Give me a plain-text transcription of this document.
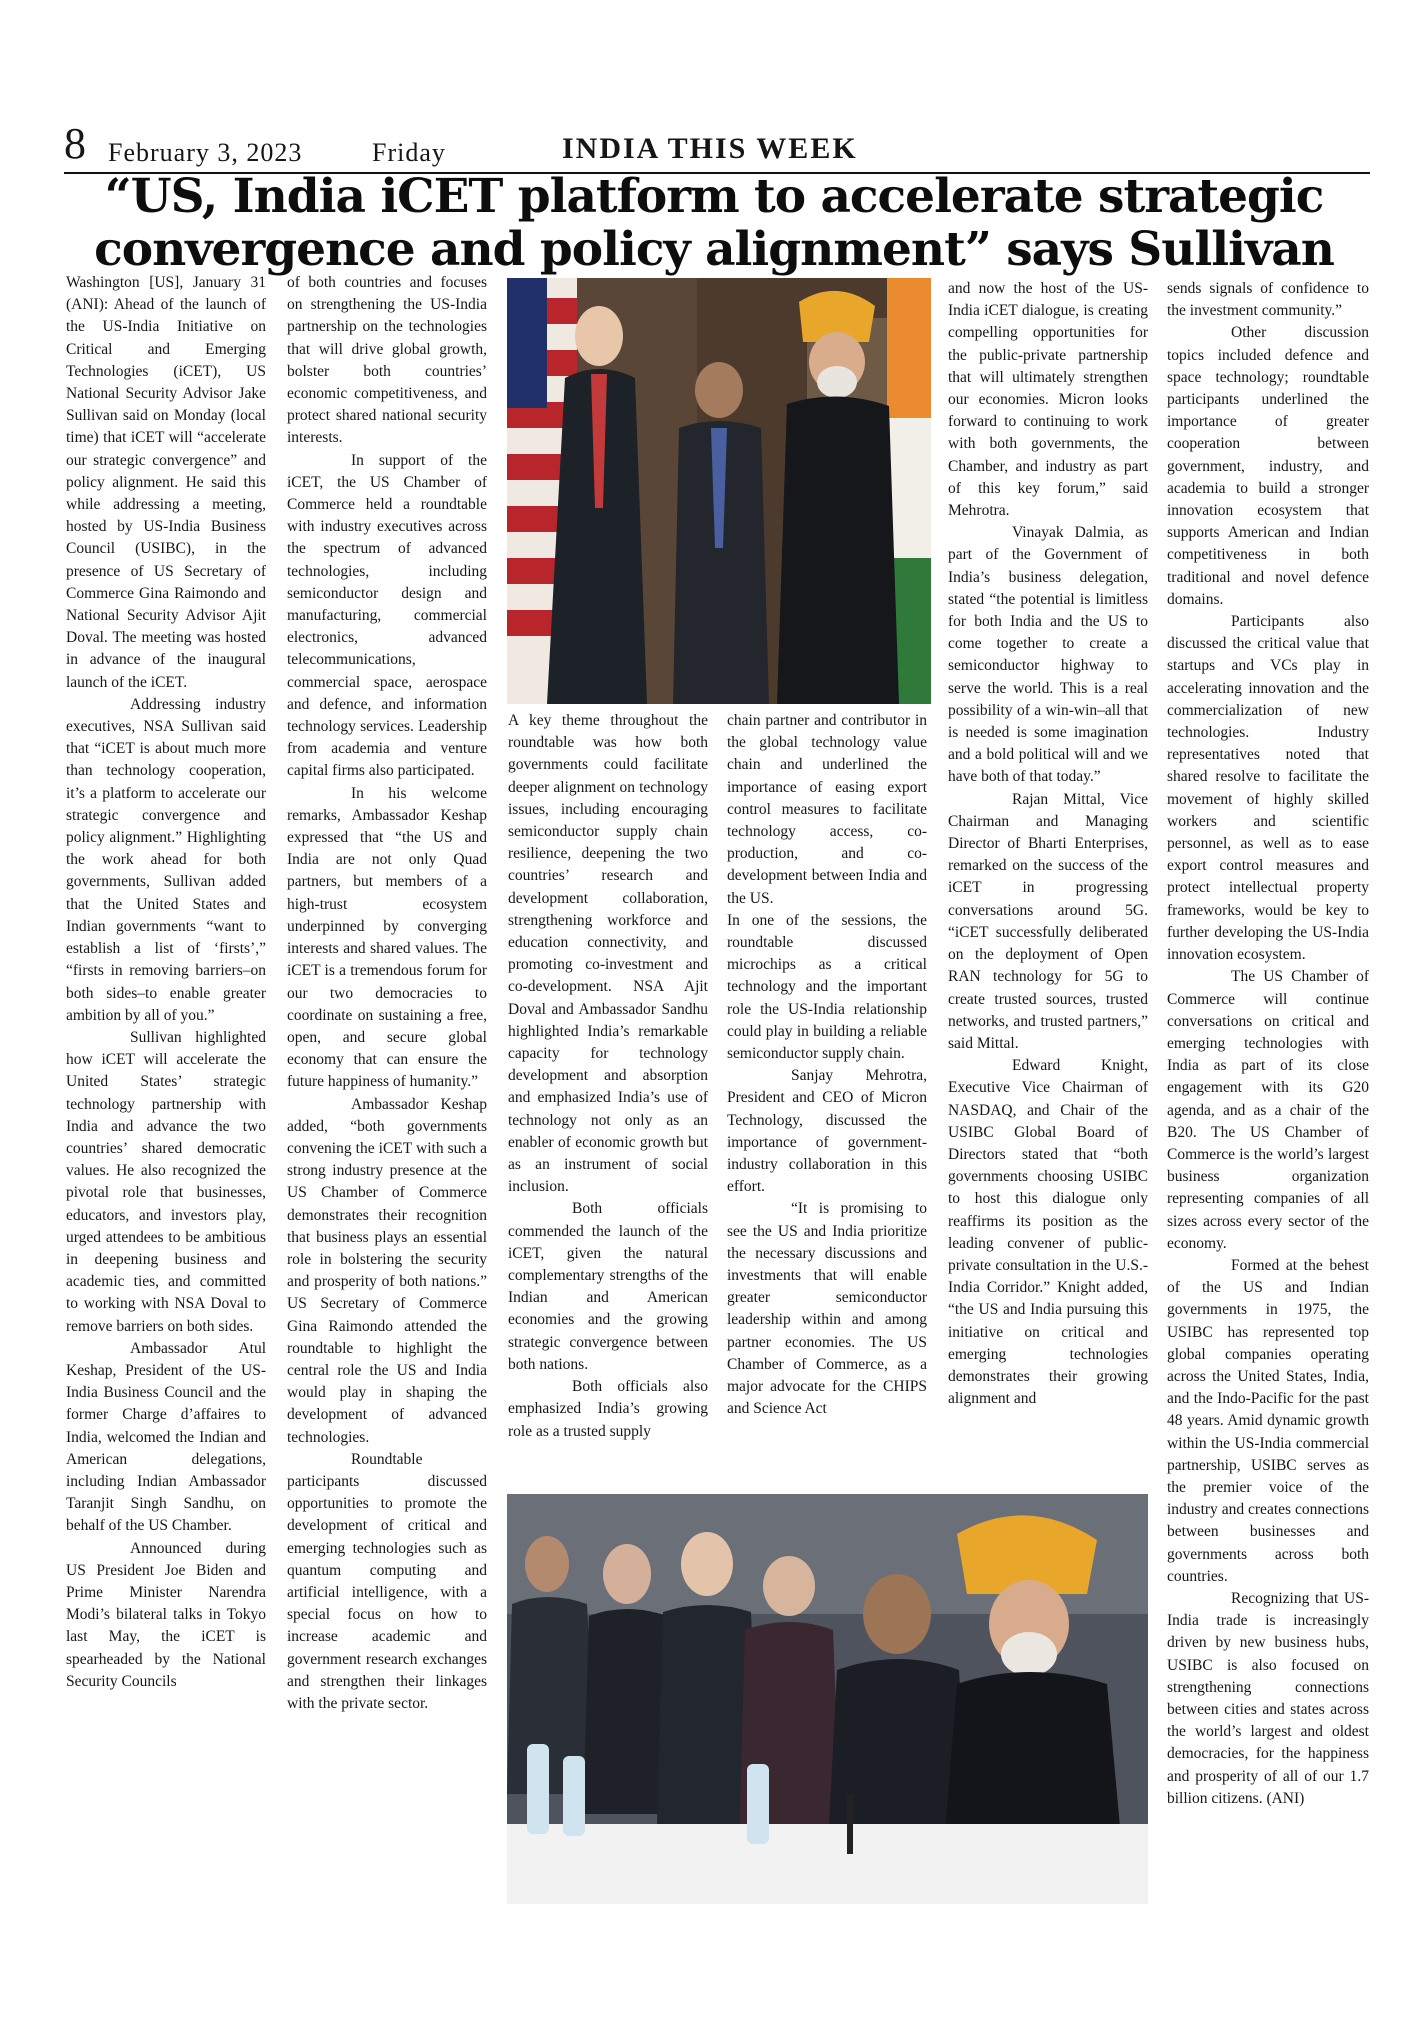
8 February 3, 2023	Friday	INDIA THIS WEEK
“US, India iCET platform to accelerate strategic
convergence and policy alignment” says Sullivan

Washington [US], January 31 (ANI): Ahead of the launch of the US-India Initiative on Critical and Emerging Technologies (iCET), US National Security Advisor Jake Sullivan said on Monday (local time) that iCET will “accelerate our strategic convergence” and policy alignment. He said this while addressing a meeting, hosted by US-India Business Council (USIBC), in the presence of US Secretary of Commerce Gina Raimondo and National Security Advisor Ajit Doval. The meeting was hosted in advance of the inaugural launch of the iCET.

Addressing industry executives, NSA Sullivan said that “iCET is about much more than technology cooperation, it’s a platform to accelerate our strategic convergence and policy alignment.” Highlighting the work ahead for both governments, Sullivan added that the United States and Indian governments “want to establish a list of ‘firsts’,” “firsts in removing barriers–on both sides–to enable greater ambition by all of you.”

Sullivan highlighted how iCET will accelerate the United States’ strategic technology partnership with India and advance the two countries’ shared democratic values. He also recognized the pivotal role that businesses, educators, and investors play, urged attendees to be ambitious in deepening business and academic ties, and committed to working with NSA Doval to remove barriers on both sides.

Ambassador Atul Keshap, President of the US-India Business Council and the former Charge d’affaires to India, welcomed the Indian and American delegations, including Indian Ambassador Taranjit Singh Sandhu, on behalf of the US Chamber.

Announced during US President Joe Biden and Prime Minister Narendra Modi’s bilateral talks in Tokyo last May, the iCET is spearheaded by the National Security Councils

of both countries and focuses on strengthening the US-India partnership on the technologies that will drive global growth, bolster both countries’ economic competitiveness, and protect shared national security interests.

In support of the iCET, the US Chamber of Commerce held a roundtable with industry executives across the spectrum of advanced technologies, including semiconductor design and manufacturing, commercial electronics, advanced telecommunications, commercial space, aerospace and defence, and information technology services. Leadership from academia and venture capital firms also participated.

In his welcome remarks, Ambassador Keshap expressed that “the US and India are not only Quad partners, but members of a high-trust ecosystem underpinned by converging interests and shared values. The iCET is a tremendous forum for our two democracies to coordinate on sustaining a free, open, and secure global economy that can ensure the future happiness of humanity.”

Ambassador Keshap added, “both governments convening the iCET with such a strong industry presence at the US Chamber of Commerce demonstrates their recognition that business plays an essential role in bolstering the security and prosperity of both nations.” US Secretary of Commerce Gina Raimondo attended the roundtable to highlight the central role the US and India would play in shaping the development of advanced technologies.

Roundtable participants discussed opportunities to promote the development of critical and emerging technologies such as quantum computing and artificial intelligence, with a special focus on how to increase academic and government research exchanges and strengthen their linkages with the private sector.

A key theme throughout the roundtable was how both governments could facilitate deeper alignment on technology issues, including encouraging semiconductor supply chain resilience, deepening the two countries’ research and development collaboration, strengthening workforce and education connectivity, and promoting co-investment and co-development. NSA Ajit Doval and Ambassador Sandhu highlighted India’s remarkable capacity for technology development and absorption and emphasized India’s use of technology not only as an enabler of economic growth but as an instrument of social inclusion.

Both officials commended the launch of the iCET, given the natural complementary strengths of the Indian and American economies and the growing strategic convergence between both nations.

Both officials also emphasized India’s growing role as a trusted supply

chain partner and contributor in the global technology value chain and underlined the importance of easing export control measures to facilitate technology access, co-production, and co-development between India and the US.

In one of the sessions, the roundtable discussed microchips as a critical technology and the important role the US-India relationship could play in building a reliable semiconductor supply chain.

Sanjay Mehrotra, President and CEO of Micron Technology, discussed the importance of government-industry collaboration in this effort.

“It is promising to see the US and India prioritize the necessary discussions and investments that will enable greater semiconductor leadership within and among partner economies. The US Chamber of Commerce, as a major advocate for the CHIPS and Science Act

and now the host of the US-India iCET dialogue, is creating compelling opportunities for the public-private partnership that will ultimately strengthen our economies. Micron looks forward to continuing to work with both governments, the Chamber, and industry as part of this key forum,” said Mehrotra.

Vinayak Dalmia, as part of the Government of India’s business delegation, stated “the potential is limitless for both India and the US to come together to create a semiconductor highway to serve the world. This is a real possibility of a win-win–all that is needed is some imagination and a bold political will and we have both of that today.”

Rajan Mittal, Vice Chairman and Managing Director of Bharti Enterprises, remarked on the success of the iCET in progressing conversations around 5G. “iCET successfully deliberated on the deployment of Open RAN technology for 5G to create trusted sources, trusted networks, and trusted partners,” said Mittal.

Edward Knight, Executive Vice Chairman of NASDAQ, and Chair of the USIBC Global Board of Directors stated that “both governments choosing USIBC to host this dialogue only reaffirms its position as the leading convener of public-private consultation in the U.S.-India Corridor.” Knight added, “the US and India pursuing this initiative on critical and emerging technologies demonstrates their growing alignment and

sends signals of confidence to the investment community.”

Other discussion topics included defence and space technology; roundtable participants underlined the importance of greater cooperation between government, industry, and academia to build a stronger innovation ecosystem that supports American and Indian competitiveness in both traditional and novel defence domains.

Participants also discussed the critical value that startups and VCs play in accelerating innovation and the commercialization of new technologies. Industry representatives noted that shared resolve to facilitate the movement of highly skilled workers and scientific personnel, as well as to ease export control measures and protect intellectual property frameworks, would be key to further developing the US-India innovation ecosystem.

The US Chamber of Commerce will continue conversations on critical and emerging technologies with India as part of its close engagement with its G20 agenda, and as a chair of the B20. The US Chamber of Commerce is the world’s largest business organization representing companies of all sizes across every sector of the economy.

Formed at the behest of the US and Indian governments in 1975, the USIBC has represented top global companies operating across the United States, India, and the Indo-Pacific for the past 48 years. Amid dynamic growth within the US-India commercial partnership, USIBC serves as the premier voice of the industry and creates connections between businesses and governments across both countries.

Recognizing that US-India trade is increasingly driven by new business hubs, USIBC is also focused on strengthening connections between cities and states across the world’s largest and oldest democracies, for the happiness and prosperity of all of our 1.7 billion citizens. (ANI)
